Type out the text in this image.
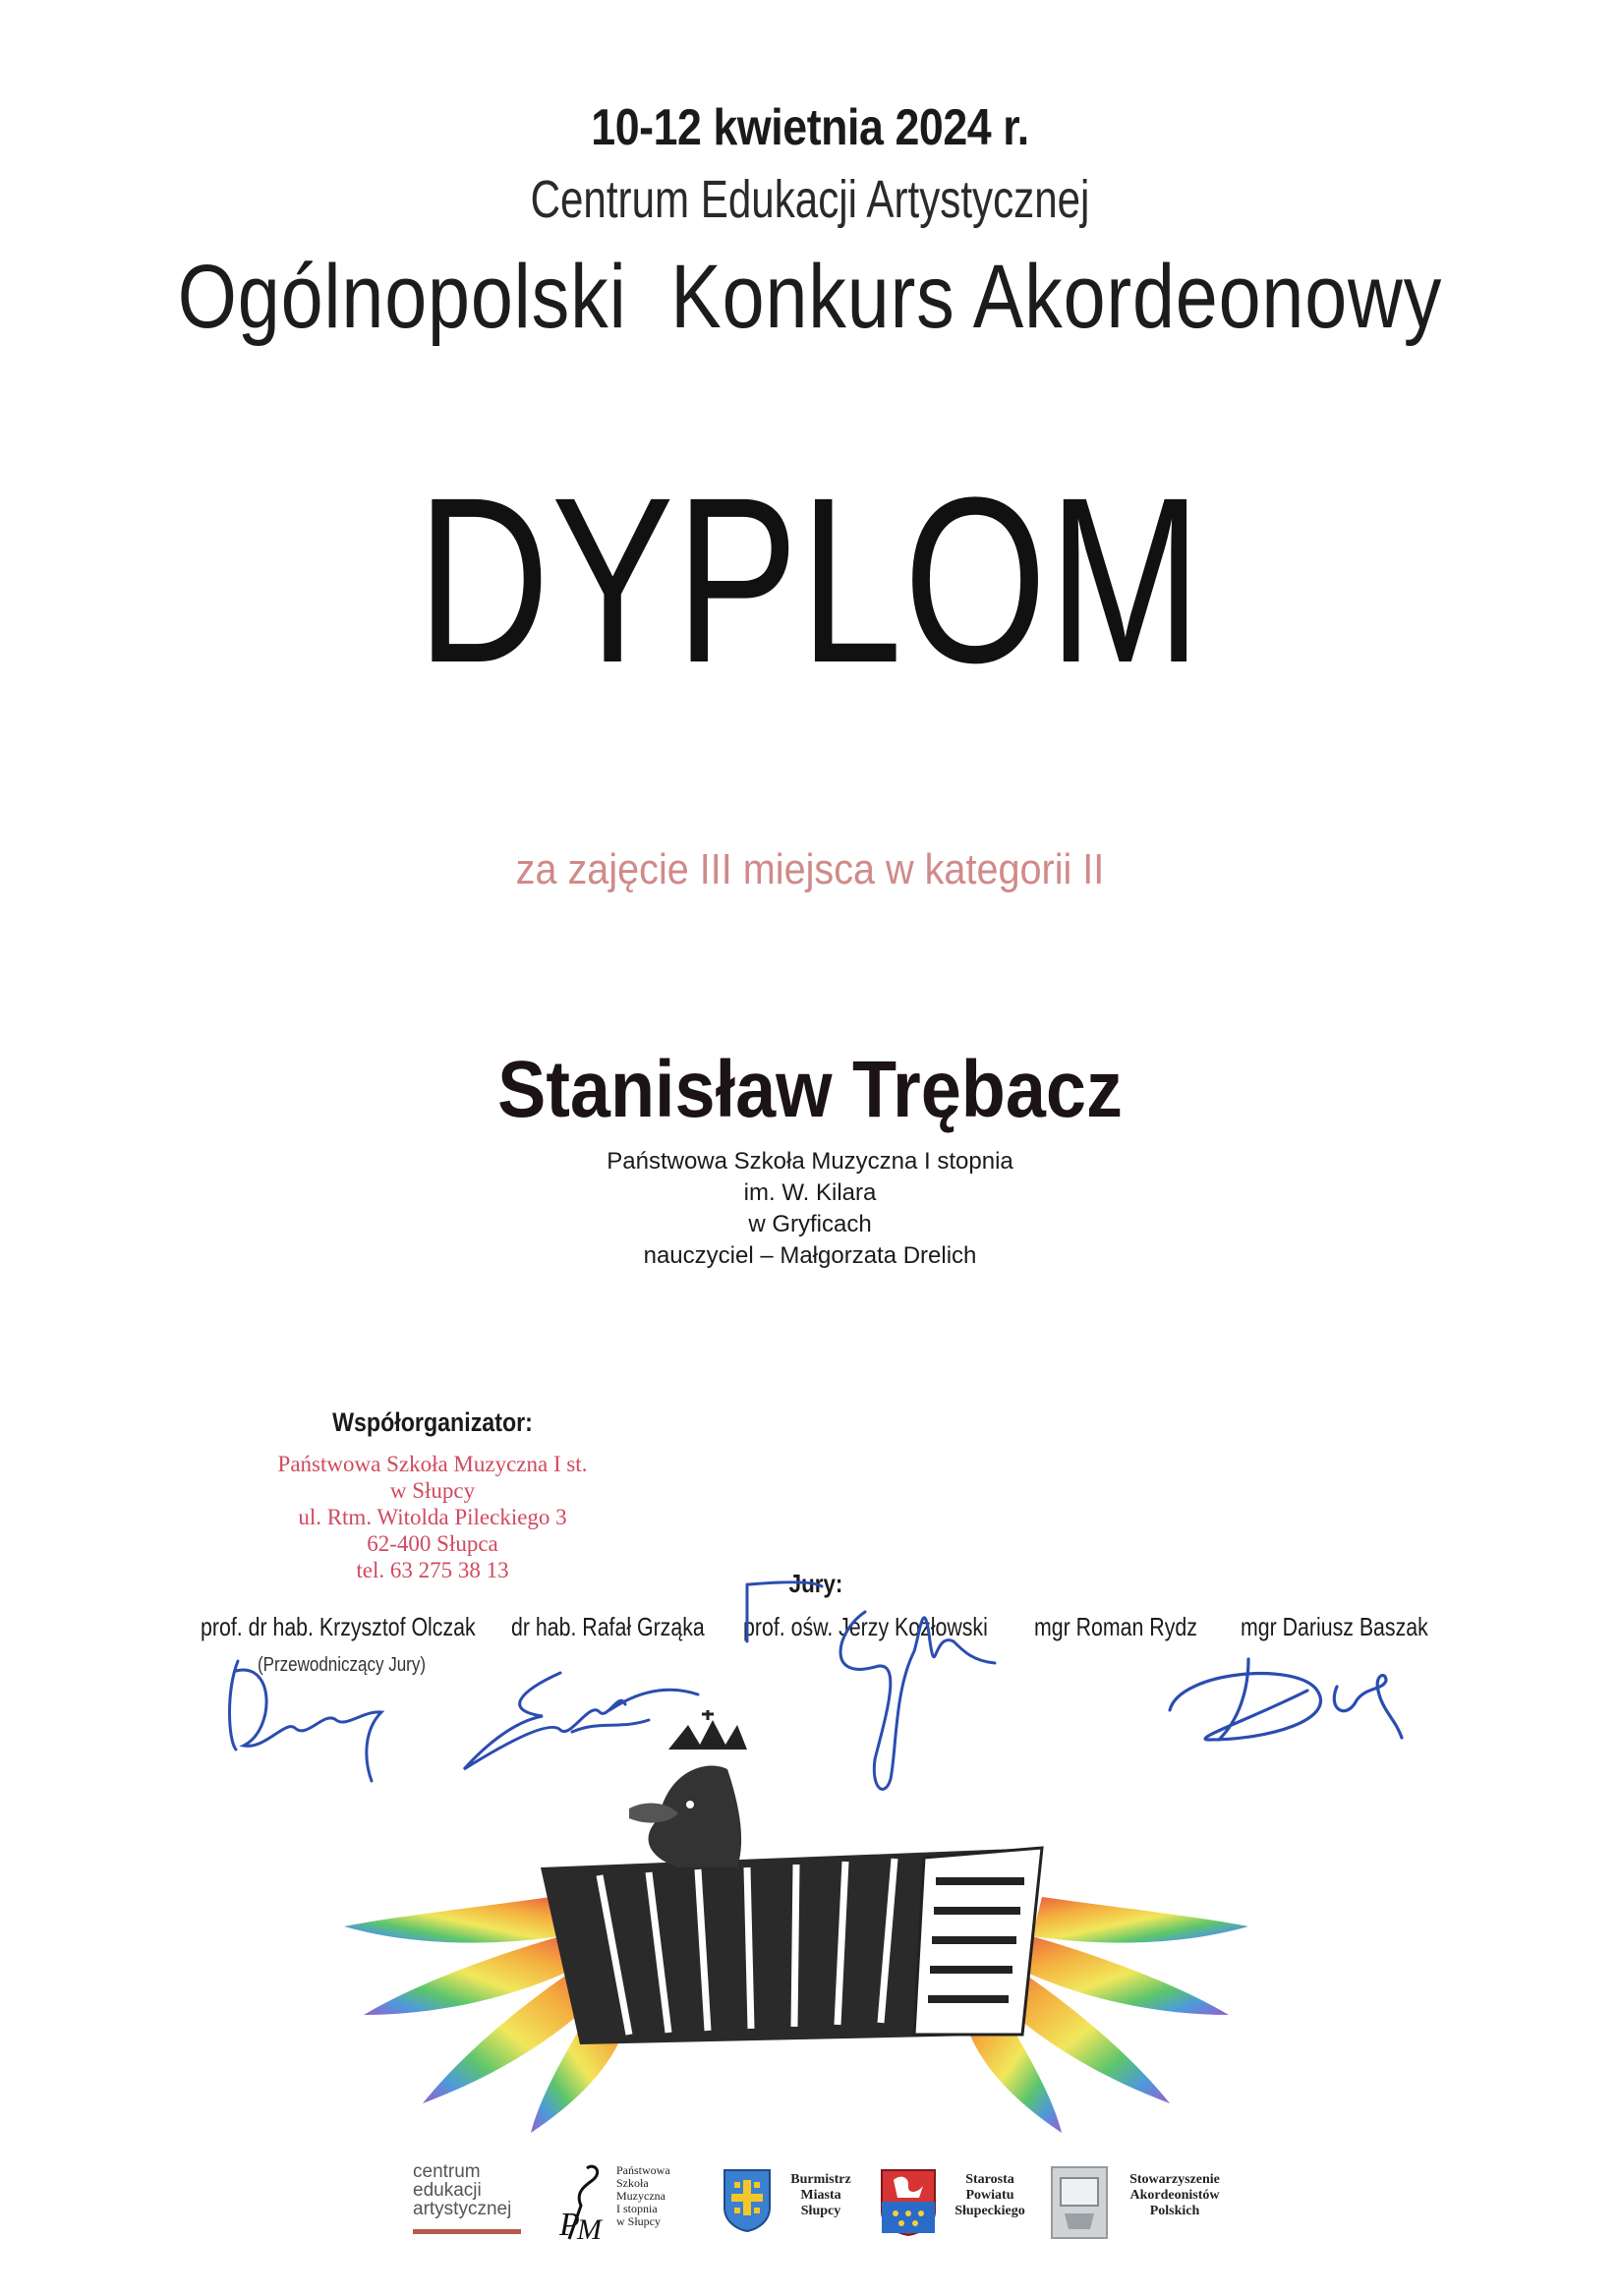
10-12 kwietnia 2024 r.
Centrum Edukacji Artystycznej
Ogólnopolski  Konkurs Akordeonowy
DYPLOM
za zajęcie III miejsca w kategorii II
Stanisław Trębacz
Państwowa Szkoła Muzyczna I stopnia
im. W. Kilara
w Gryficach
nauczyciel – Małgorzata Drelich
Współorganizator:
Państwowa Szkoła Muzyczna I st.
w Słupcy
ul. Rtm. Witolda Pileckiego 3
62-400 Słupca
tel. 63 275 38 13	Jury:
prof. dr hab. Krzysztof Olczak dr hab. Rafał Grząka prof. ośw. Jerzy Kozłowski mgr Roman Rydz mgr Dariusz Baszak
(Przewodniczący Jury)
centrum
edukacji
artystycznej	P
M
Państwowa
Szkoła
Muzyczna
I stopnia
w Słupcy
Burmistrz
Miasta
Słupcy
Starosta
Powiatu
Słupeckiego
Stowarzyszenie
Akordeonistów
Polskich
